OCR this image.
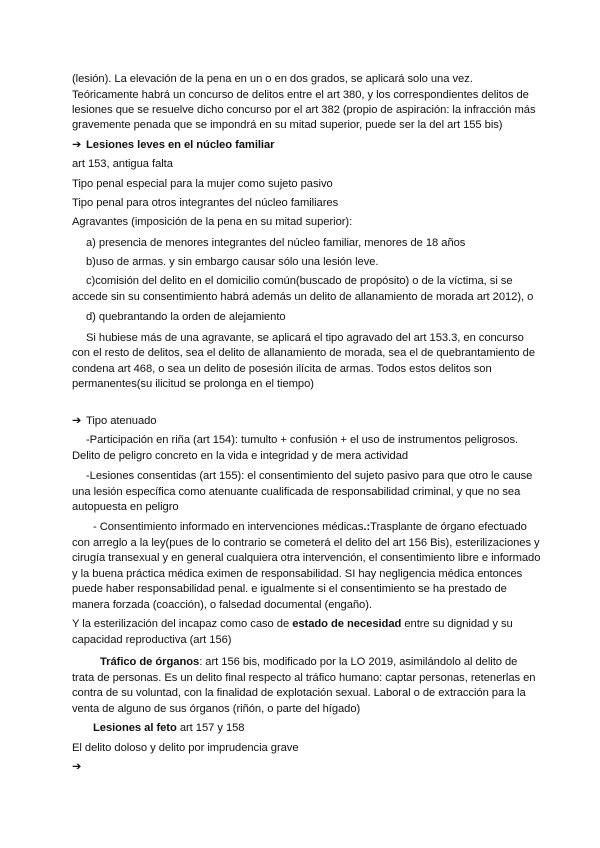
(lesión). La elevación de la pena en un o en dos grados, se aplicará solo una vez.
Teóricamente habrá un concurso de delitos entre el art 380, y los correspondientes delitos de
lesiones que se resuelve dicho concurso por el art 382 (propio de aspiración: la infracción más
gravemente penada que se impondrá en su mitad superior, puede ser la del art 155 bis)
➔ Lesiones leves en el núcleo familiar
art 153, antigua falta
Tipo penal especial para la mujer como sujeto pasivo
Tipo penal para otros integrantes del núcleo familiares
Agravantes (imposición de la pena en su mitad superior):
a) presencia de menores integrantes del núcleo familiar, menores de 18 años
b)uso de armas. y sin embargo causar sólo una lesión leve.
c)comisión del delito en el domicilio común(buscado de propósito) o de la víctima, si se
accede sin su consentimiento habrá además un delito de allanamiento de morada art 2012), o
d) quebrantando la orden de alejamiento
Si hubiese más de una agravante, se aplicará el tipo agravado del art 153.3, en concurso
con el resto de delitos, sea el delito de allanamiento de morada, sea el de quebrantamiento de
condena art 468, o sea un delito de posesión ilícita de armas. Todos estos delitos son
permanentes(su ilicitud se prolonga en el tiempo)
➔ Tipo atenuado
-Participación en riña (art 154): tumulto + confusión + el uso de instrumentos peligrosos.
Delito de peligro concreto en la vida e integridad y de mera actividad
-Lesiones consentidas (art 155): el consentimiento del sujeto pasivo para que otro le cause
una lesión específica como atenuante cualificada de responsabilidad criminal, y que no sea
autopuesta en peligro
- Consentimiento informado en intervenciones médicas.:Trasplante de órgano efectuado
con arreglo a la ley(pues de lo contrario se cometerá el delito del art 156 Bis), esterilizaciones y
cirugía transexual y en general cualquiera otra intervención, el consentimiento libre e informado
y la buena práctica médica eximen de responsabilidad. SI hay negligencia médica entonces
puede haber responsabilidad penal. e igualmente si el consentimiento se ha prestado de
manera forzada (coacción), o falsedad documental (engaño).
Y la esterilización del incapaz como caso de estado de necesidad entre su dignidad y su
capacidad reproductiva (art 156)
Tráfico de órganos: art 156 bis, modificado por la LO 2019, asimilándolo al delito de
trata de personas. Es un delito final respecto al tráfico humano: captar personas, retenerlas en
contra de su voluntad, con la finalidad de explotación sexual. Laboral o de extracción para la
venta de alguno de sus órganos (riñón, o parte del hígado)
Lesiones al feto art 157 y 158
El delito doloso y delito por imprudencia grave
➔
